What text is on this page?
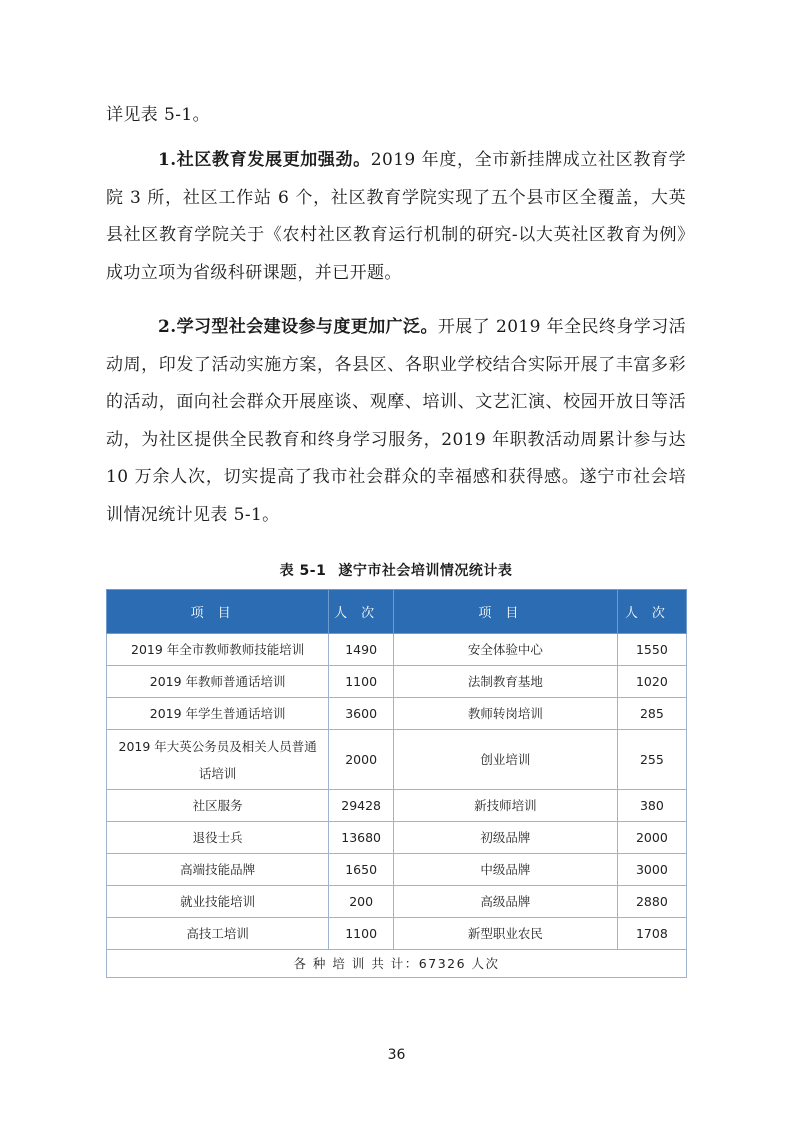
详见表 5-1。

1.社区教育发展更加强劲。2019 年度，全市新挂牌成立社区教育学院 3 所，社区工作站 6 个，社区教育学院实现了五个县市区全覆盖，大英县社区教育学院关于《农村社区教育运行机制的研究-以大英社区教育为例》成功立项为省级科研课题，并已开题。

2.学习型社会建设参与度更加广泛。开展了 2019 年全民终身学习活动周，印发了活动实施方案，各县区、各职业学校结合实际开展了丰富多彩的活动，面向社会群众开展座谈、观摩、培训、文艺汇演、校园开放日等活动，为社区提供全民教育和终身学习服务，2019 年职教活动周累计参与达 10 万余人次，切实提高了我市社会群众的幸福感和获得感。遂宁市社会培训情况统计见表 5-1。

表 5-1 遂宁市社会培训情况统计表
项目	人次	项目	人次
2019 年全市教师教师技能培训	1490	安全体验中心	1550
2019 年教师普通话培训	1100	法制教育基地	1020
2019 年学生普通话培训	3600	教师转岗培训	285
2019 年大英公务员及相关人员普通话培训	2000	创业培训	255
社区服务	29428	新技师培训	380
退役士兵	13680	初级品牌	2000
高端技能品牌	1650	中级品牌	3000
就业技能培训	200	高级品牌	2880
高技工培训	1100	新型职业农民	1708
各 种 培 训 共 计：67326 人次			
36
